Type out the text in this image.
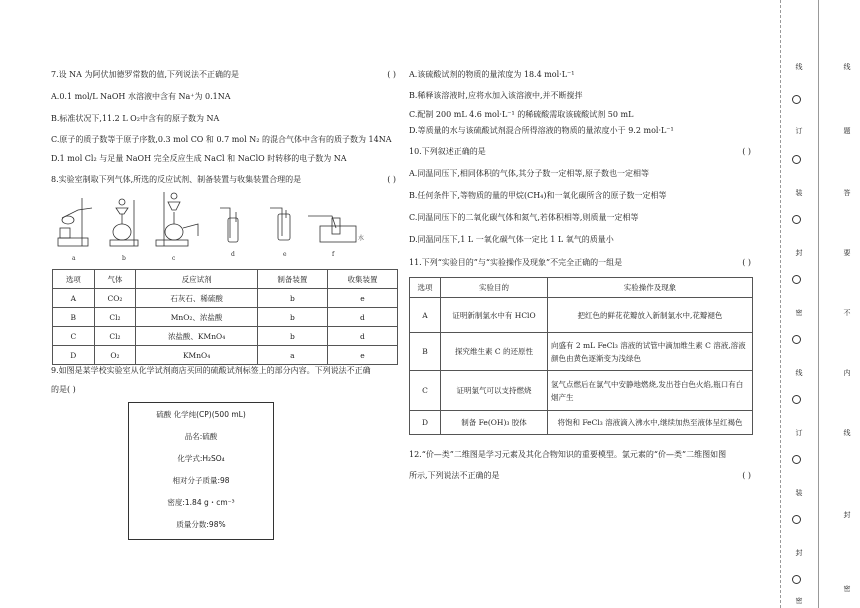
7.设 NA 为阿伏加德罗常数的值,下列说法不正确的是	( )
A.0.1 mol/L NaOH 水溶液中含有 Na⁺为 0.1NA
B.标准状况下,11.2 L O₂中含有的原子数为 NA
C.原子的质子数等于原子序数,0.3 mol CO 和 0.7 mol N₂ 的混合气体中含有的质子数为 14NA
D.1 mol Cl₂ 与足量 NaOH 完全反应生成 NaCl 和 NaClO 时转移的电子数为 NA
8.实验室制取下列气体,所选的反应试剂、制备装置与收集装置合理的是	( )
a	b	c
d	e	f
水
选项	气体	反应试剂	制备装置	收集装置
A	CO₂	石灰石、稀硫酸	b	e
B	Cl₂	MnO₂、浓盐酸	b	d
C	Cl₂	浓盐酸、KMnO₄	b	d
D	O₂	KMnO₄	a	e
9.如图是某学校实验室从化学试剂商店买回的硫酸试剂标签上的部分内容。下列说法不正确
的是( )
硫酸 化学纯(CP)(500 mL)
品名:硫酸
化学式:H₂SO₄
相对分子质量:98
密度:1.84 g・cm⁻³
质量分数:98%
A.该硫酸试剂的物质的量浓度为 18.4 mol·L⁻¹
B.稀释该溶液时,应将水加入该溶液中,并不断搅拌
C.配制 200 mL 4.6 mol·L⁻¹ 的稀硫酸需取该硫酸试剂 50 mL
D.等质量的水与该硫酸试剂混合所得溶液的物质的量浓度小于 9.2 mol·L⁻¹
10.下列叙述正确的是	( )
A.同温同压下,相同体积的气体,其分子数一定相等,原子数也一定相等
B.任何条件下,等物质的量的甲烷(CH₄)和一氧化碳所含的原子数一定相等
C.同温同压下的二氧化碳气体和氮气,若体积相等,则质量一定相等
D.同温同压下,1 L 一氧化碳气体一定比 1 L 氧气的质量小
11.下列“实验目的”与“实验操作及现象”不完全正确的一组是	( )
选项	实验目的	实验操作及现象
A	证明新制氯水中有 HClO	把红色的鲜花花瓣放入新制氯水中,花瓣褪色
B	探究维生素 C 的还原性	向盛有 2 mL FeCl₃ 溶液的试管中滴加维生素 C 溶液,溶液颜色由黄色逐渐变为浅绿色
C	证明氯气可以支持燃烧	氢气点燃后在氯气中安静地燃烧,发出苍白色火焰,瓶口有白烟产生
D	制备 Fe(OH)₃ 胶体	将饱和 FeCl₃ 溶液滴入沸水中,继续加热至液体呈红褐色
12.“价—类”二维图是学习元素及其化合物知识的重要模型。氯元素的“价—类”二维图如图
所示,下列说法不正确的是	( )
线
订
装
封
密
线
订
装
封
密
线
题
答
要
不
内
线
封
密
